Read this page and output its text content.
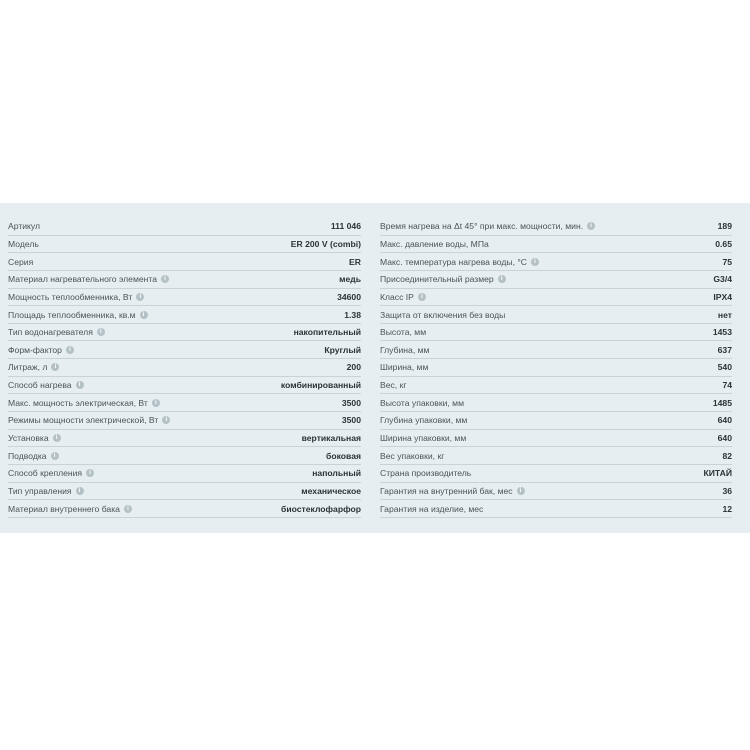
Артикул	111 046
Модель	ER 200 V (combi)
Серия	ER
Материал нагревательного элемента	i	медь
Мощность теплообменника, Вт	i	34600
Площадь теплообменника, кв.м	i	1.38
Тип водонагревателя	i	накопительный
Форм-фактор	i	Круглый
Литраж, л	i	200
Способ нагрева	i	комбинированный
Макс. мощность электрическая, Вт	i	3500
Режимы мощности электрической, Вт	i	3500
Установка	i	вертикальная
Подводка	i	боковая
Способ крепления	i	напольный
Тип управления	i	механическое
Материал внутреннего бака	i	биостеклофарфор
Время нагрева на Δt 45° при макс. мощности, мин.	i	189
Макс. давление воды, МПа	0.65
Макс. температура нагрева воды, °С	i	75
Присоединительный размер	i	G3/4
Класс IP	i	IPX4
Защита от включения без воды	нет
Высота, мм	1453
Глубина, мм	637
Ширина, мм	540
Вес, кг	74
Высота упаковки, мм	1485
Глубина упаковки, мм	640
Ширина упаковки, мм	640
Вес упаковки, кг	82
Страна производитель	КИТАЙ
Гарантия на внутренний бак, мес	i	36
Гарантия на изделие, мес	12
